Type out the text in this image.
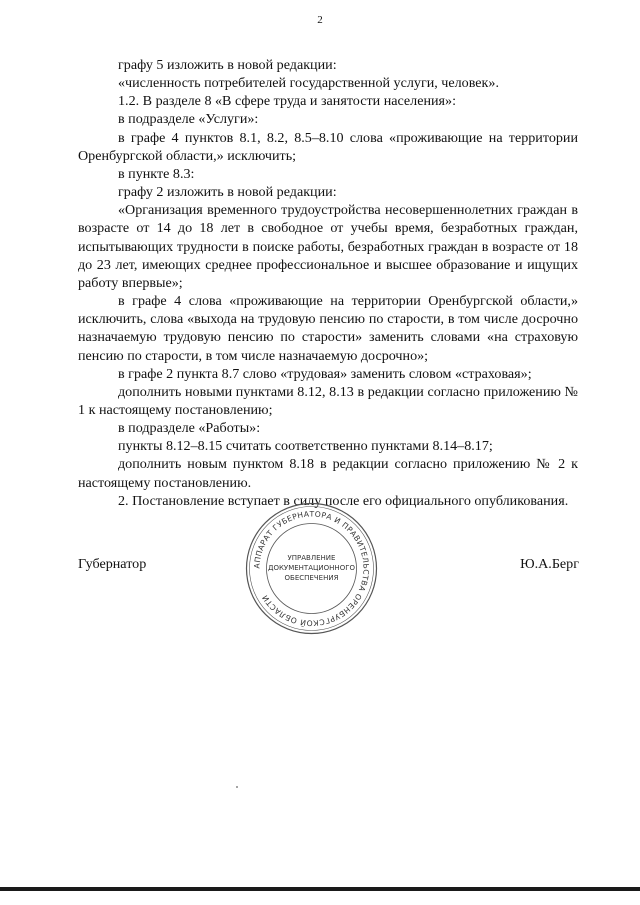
2

графу 5 изложить в новой редакции:

«численность потребителей государственной услуги, человек».

1.2. В разделе 8 «В сфере труда и занятости населения»:

в подразделе «Услуги»:

в графе 4 пунктов 8.1, 8.2, 8.5–8.10 слова «проживающие на территории Оренбургской области,» исключить;

в пункте 8.3:

графу 2 изложить в новой редакции:

«Организация временного трудоустройства несовершеннолетних граждан в возрасте от 14 до 18 лет в свободное от учебы время, безработных граждан, испытывающих трудности в поиске работы, безработных граждан в возрасте от 18 до 23 лет, имеющих среднее профессиональное и высшее образование и ищущих работу впервые»;

в графе 4 слова «проживающие на территории Оренбургской области,» исключить, слова «выхода на трудовую пенсию по старости, в том числе досрочно назначаемую трудовую пенсию по старости» заменить словами «на страховую пенсию по старости, в том числе назначаемую досрочно»;

в графе 2 пункта 8.7 слово «трудовая» заменить словом «страховая»;

дополнить новыми пунктами 8.12, 8.13 в редакции согласно приложению № 1 к настоящему постановлению;

в подразделе «Работы»:

пункты 8.12–8.15 считать соответственно пунктами 8.14–8.17;

дополнить новым пунктом 8.18 в редакции согласно приложению № 2 к настоящему постановлению.

2. Постановление вступает в силу после его официального опубликования.

Губернатор	АППАРАТ ГУБЕРНАТОРА И ПРАВИТЕЛЬСТВА ОРЕНБУРГСКОЙ ОБЛАСТИ
УПРАВЛЕНИЕ
ДОКУМЕНТАЦИОННОГО
ОБЕСПЕЧЕНИЯ
Ю.А.Берг
